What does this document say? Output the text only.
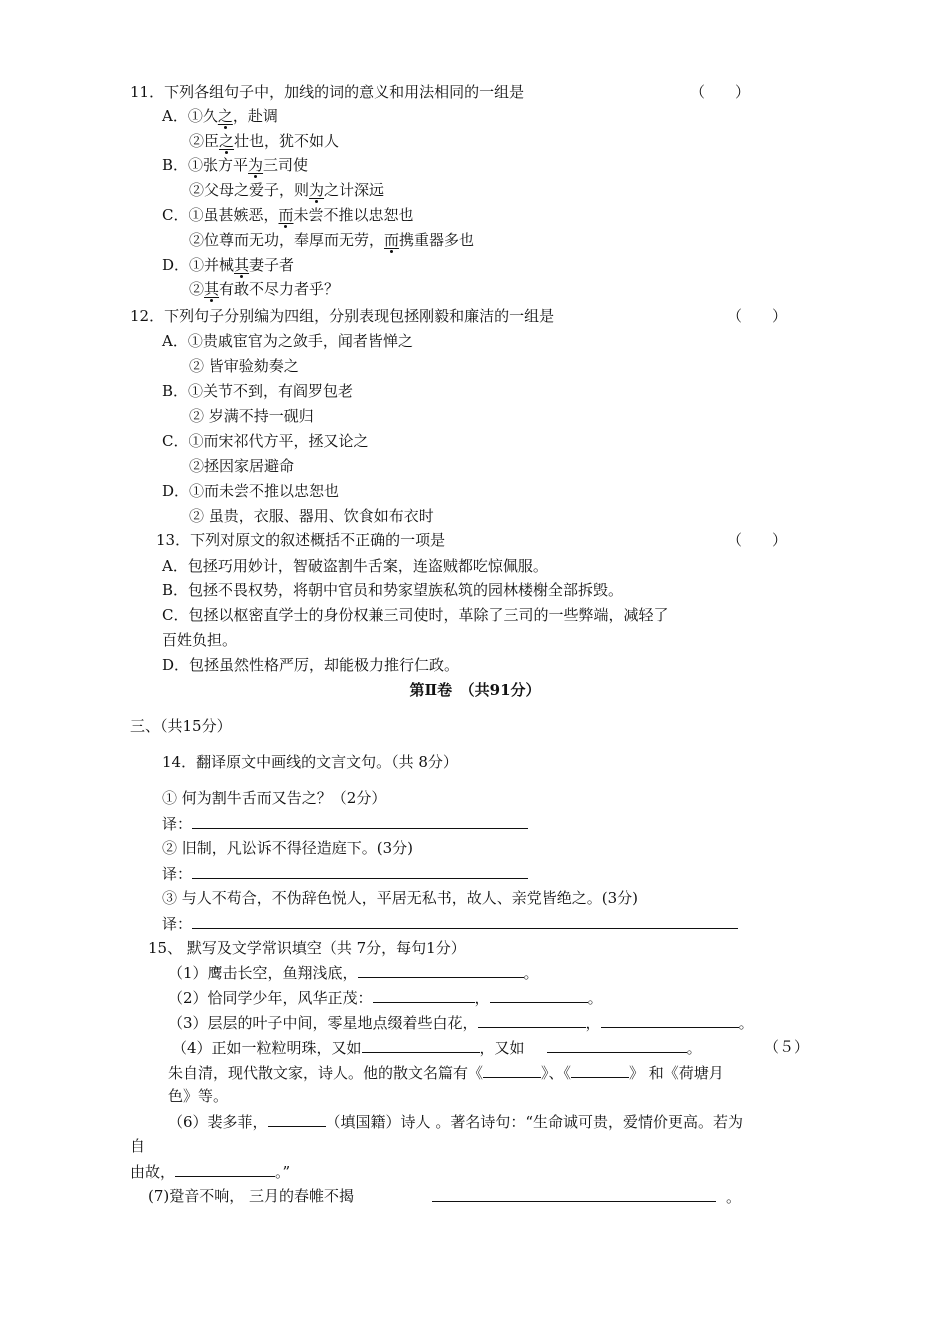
11．下列各组句子中，加线的词的意义和用法相同的一组是	（　　）
A．①久之，赴调
②臣之壮也，犹不如人
B．①张方平为三司使
②父母之爱子，则为之计深远
C．①虽甚嫉恶，而未尝不推以忠恕也
②位尊而无功，奉厚而无劳，而携重器多也
D．①并械其妻子者
②其有敢不尽力者乎？
12．下列句子分别编为四组，分别表现包拯刚毅和廉洁的一组是	（　　）
A．①贵戚宦官为之敛手，闻者皆惮之
② 皆审验劾奏之
B．①关节不到，有阎罗包老
② 岁满不持一砚归
C．①而宋祁代方平，拯又论之
②拯因家居避命
D．①而未尝不推以忠恕也
② 虽贵，衣服、器用、饮食如布衣时
13．下列对原文的叙述概括不正确的一项是	（　　）
A．包拯巧用妙计，智破盗割牛舌案，连盗贼都吃惊佩服。
B．包拯不畏权势，将朝中官员和势家望族私筑的园林楼榭全部拆毁。
C．包拯以枢密直学士的身份权兼三司使时，革除了三司的一些弊端，减轻了
百姓负担。
D．包拯虽然性格严厉，却能极力推行仁政。
第Ⅱ卷　（共91分）
三、（共15分）
14．翻译原文中画线的文言文句。（共 8分）
① 何为割牛舌而又告之？（2分）
译：
② 旧制，凡讼诉不得径造庭下。(3分)
译：
③ 与人不苟合，不伪辞色悦人，平居无私书，故人、亲党皆绝之。(3分)
译：
15、 默写及文学常识填空（共 7分，每句1分）
（1）鹰击长空，鱼翔浅底，	。
（2）恰同学少年，风华正茂：	，	。
（3）层层的叶子中间，零星地点缀着些白花，	，	。
（4）正如一粒粒明珠，又如	，又如	。	（５）
朱自清，现代散文家，诗人。他的散文名篇有《	》、《	》 和《荷塘月
色》等。
（6）裴多菲，	（填国籍）诗人 。著名诗句：“生命诚可贵，爱情价更高。若为
自
由故，	。”
(7)跫音不响， 三月的春帷不揭	。
